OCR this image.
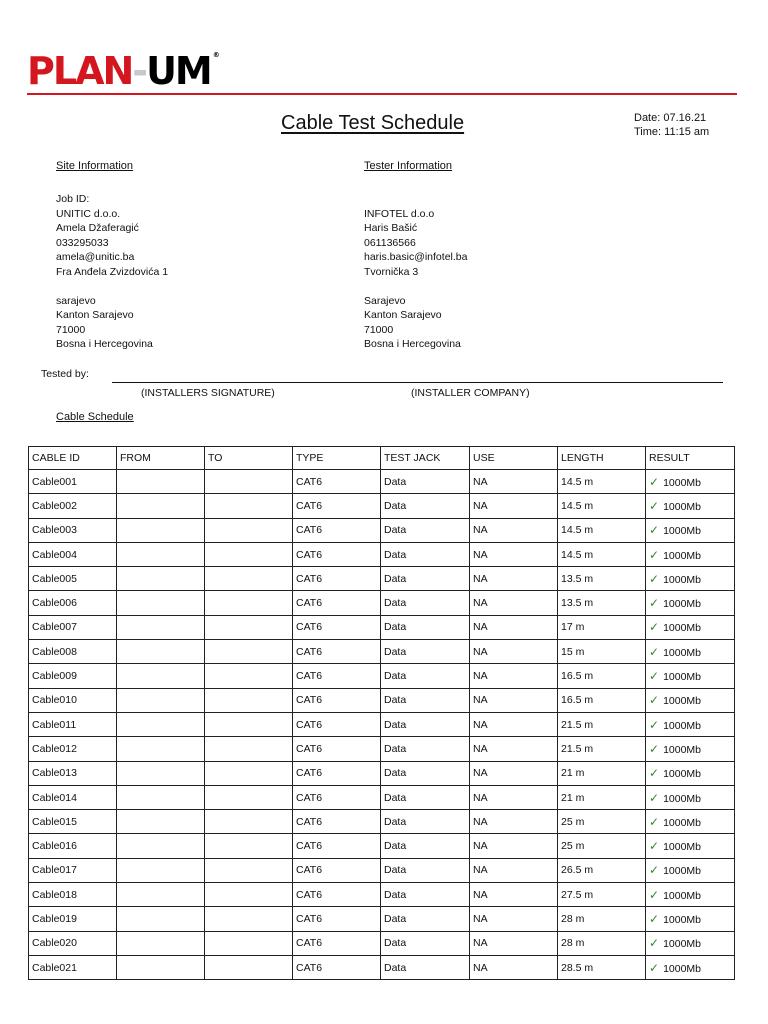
PLAN-UM ®
Cable Test Schedule	Date: 07.16.21
Time: 11:15 am
Site Information
Job ID:
UNITIC d.o.o.
Amela Džaferagić
033295033
amela@unitic.ba
Fra Anđela Zvizdovića 1
sarajevo
Kanton Sarajevo
71000
Bosna i Hercegovina
Tester Information
INFOTEL d.o.o
Haris Bašić
061136566
haris.basic@infotel.ba
Tvornička 3
Sarajevo
Kanton Sarajevo
71000
Bosna i Hercegovina
Tested by:
(INSTALLERS SIGNATURE)	(INSTALLER COMPANY)
Cable Schedule
CABLE ID	FROM	TO	TYPE	TEST JACK	USE	LENGTH	RESULT
Cable001			CAT6	Data	NA	14.5 m	✓ 1000Mb
Cable002			CAT6	Data	NA	14.5 m	✓ 1000Mb
Cable003			CAT6	Data	NA	14.5 m	✓ 1000Mb
Cable004			CAT6	Data	NA	14.5 m	✓ 1000Mb
Cable005			CAT6	Data	NA	13.5 m	✓ 1000Mb
Cable006			CAT6	Data	NA	13.5 m	✓ 1000Mb
Cable007			CAT6	Data	NA	17 m	✓ 1000Mb
Cable008			CAT6	Data	NA	15 m	✓ 1000Mb
Cable009			CAT6	Data	NA	16.5 m	✓ 1000Mb
Cable010			CAT6	Data	NA	16.5 m	✓ 1000Mb
Cable011			CAT6	Data	NA	21.5 m	✓ 1000Mb
Cable012			CAT6	Data	NA	21.5 m	✓ 1000Mb
Cable013			CAT6	Data	NA	21 m	✓ 1000Mb
Cable014			CAT6	Data	NA	21 m	✓ 1000Mb
Cable015			CAT6	Data	NA	25 m	✓ 1000Mb
Cable016			CAT6	Data	NA	25 m	✓ 1000Mb
Cable017			CAT6	Data	NA	26.5 m	✓ 1000Mb
Cable018			CAT6	Data	NA	27.5 m	✓ 1000Mb
Cable019			CAT6	Data	NA	28 m	✓ 1000Mb
Cable020			CAT6	Data	NA	28 m	✓ 1000Mb
Cable021			CAT6	Data	NA	28.5 m	✓ 1000Mb
